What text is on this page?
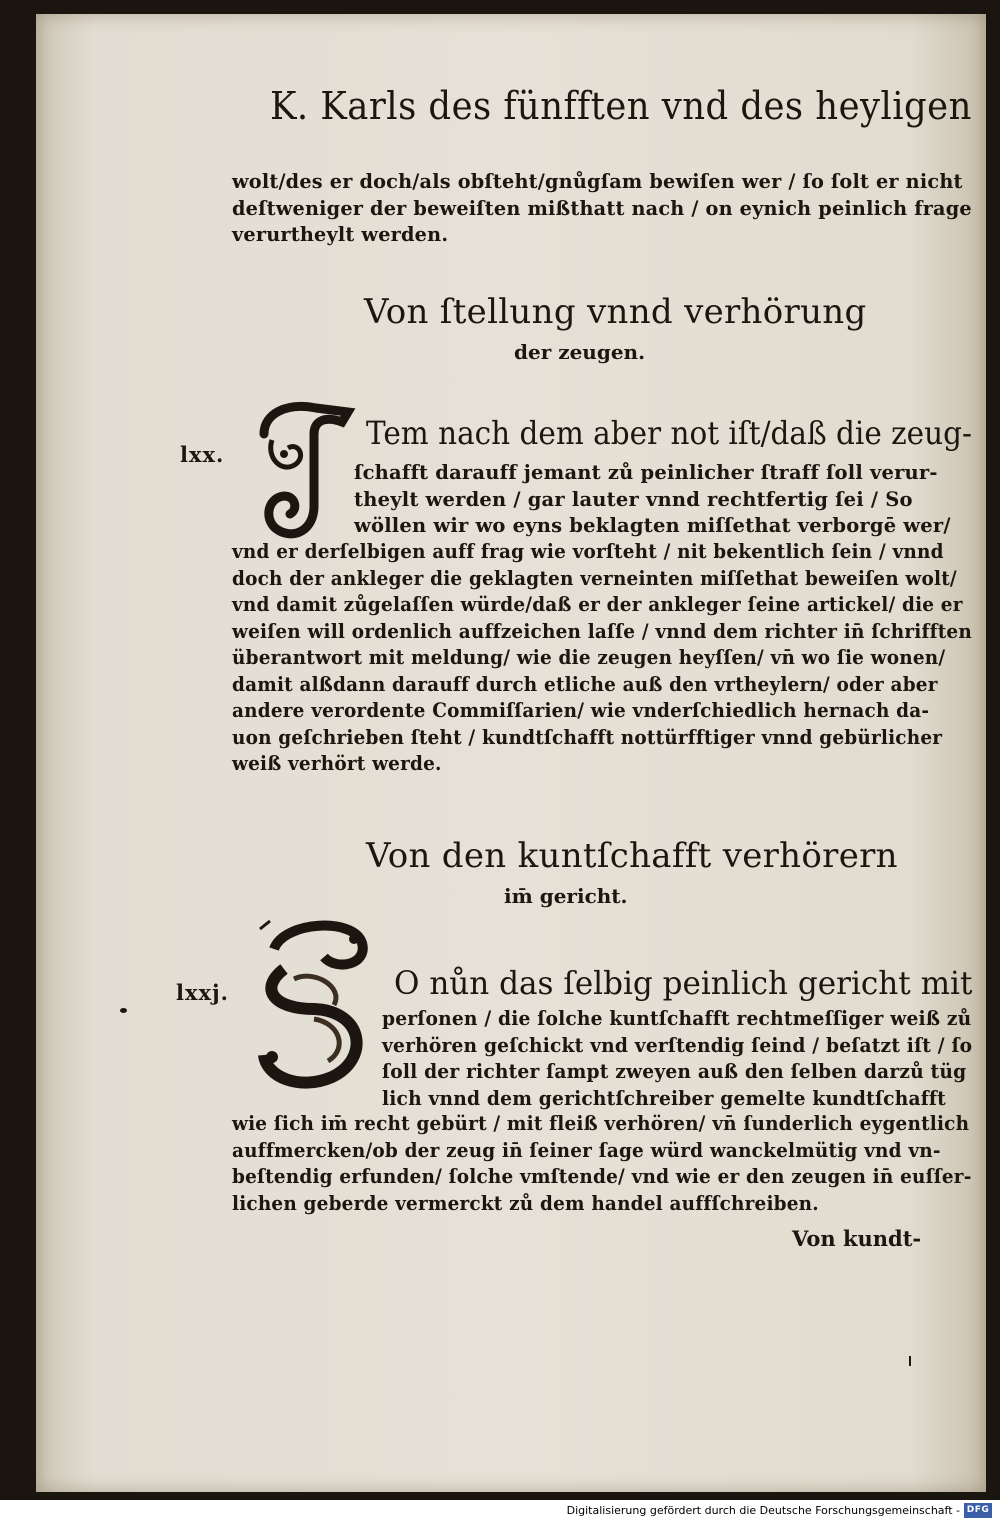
K. Karls des fünfften vnd des heyligen

wolt/des er doch/als obſteht/gnůgſam bewiſen wer / ſo ſolt er nicht
deſtweniger der beweiſten mißthatt nach / on eynich peinlich frage
verurtheylt werden.

Von ſtellung vnnd verhörung
der zeugen.
lxx.
Tem nach dem aber not iſt/daß die zeug-

ſchafft darauff jemant zů peinlicher ſtraff ſoll verur-
theylt werden / gar lauter vnnd rechtfertig ſei / So
wöllen wir wo eyns beklagten miſſethat verborgē wer/

vnd er derſelbigen auff frag wie vorſteht / nit bekentlich ſein / vnnd
doch der ankleger die geklagten verneinten miſſethat beweiſen wolt/
vnd damit zůgelaſſen würde/daß er der ankleger ſeine artickel/ die er
weiſen will ordenlich auffzeichen laſſe / vnnd dem richter in̄ ſchrifften
überantwort mit meldung/ wie die zeugen heyſſen/ vn̄ wo ſie wonen/
damit alßdann darauff durch etliche auß den vrtheylern/ oder aber
andere verordente Commiſſarien/ wie vnderſchiedlich hernach da-
uon geſchrieben ſteht / kundtſchafft nottürfftiger vnnd gebürlicher
weiß verhört werde.

Von den kuntſchafft verhörern
im̄ gericht.
lxxj.	O nůn das ſelbig peinlich gericht mit

perſonen / die ſolche kuntſchafft rechtmeſſiger weiß zů
verhören geſchickt vnd verſtendig ſeind / beſatzt iſt / ſo
ſoll der richter ſampt zweyen auß den ſelben darzů tüg
lich vnnd dem gerichtſchreiber gemelte kundtſchafft

wie ſich im̄ recht gebürt / mit fleiß verhören/ vn̄ ſunderlich eygentlich
auffmercken/ob der zeug in̄ ſeiner ſage würd wanckelmütig vnd vn-
beſtendig erfunden/ ſolche vmſtende/ vnd wie er den zeugen in̄ euſſer-
lichen geberde vermerckt zů dem handel auffſchreiben.

Von kundt-
Digitalisierung gefördert durch die Deutsche Forschungsgemeinschaft - DFG
